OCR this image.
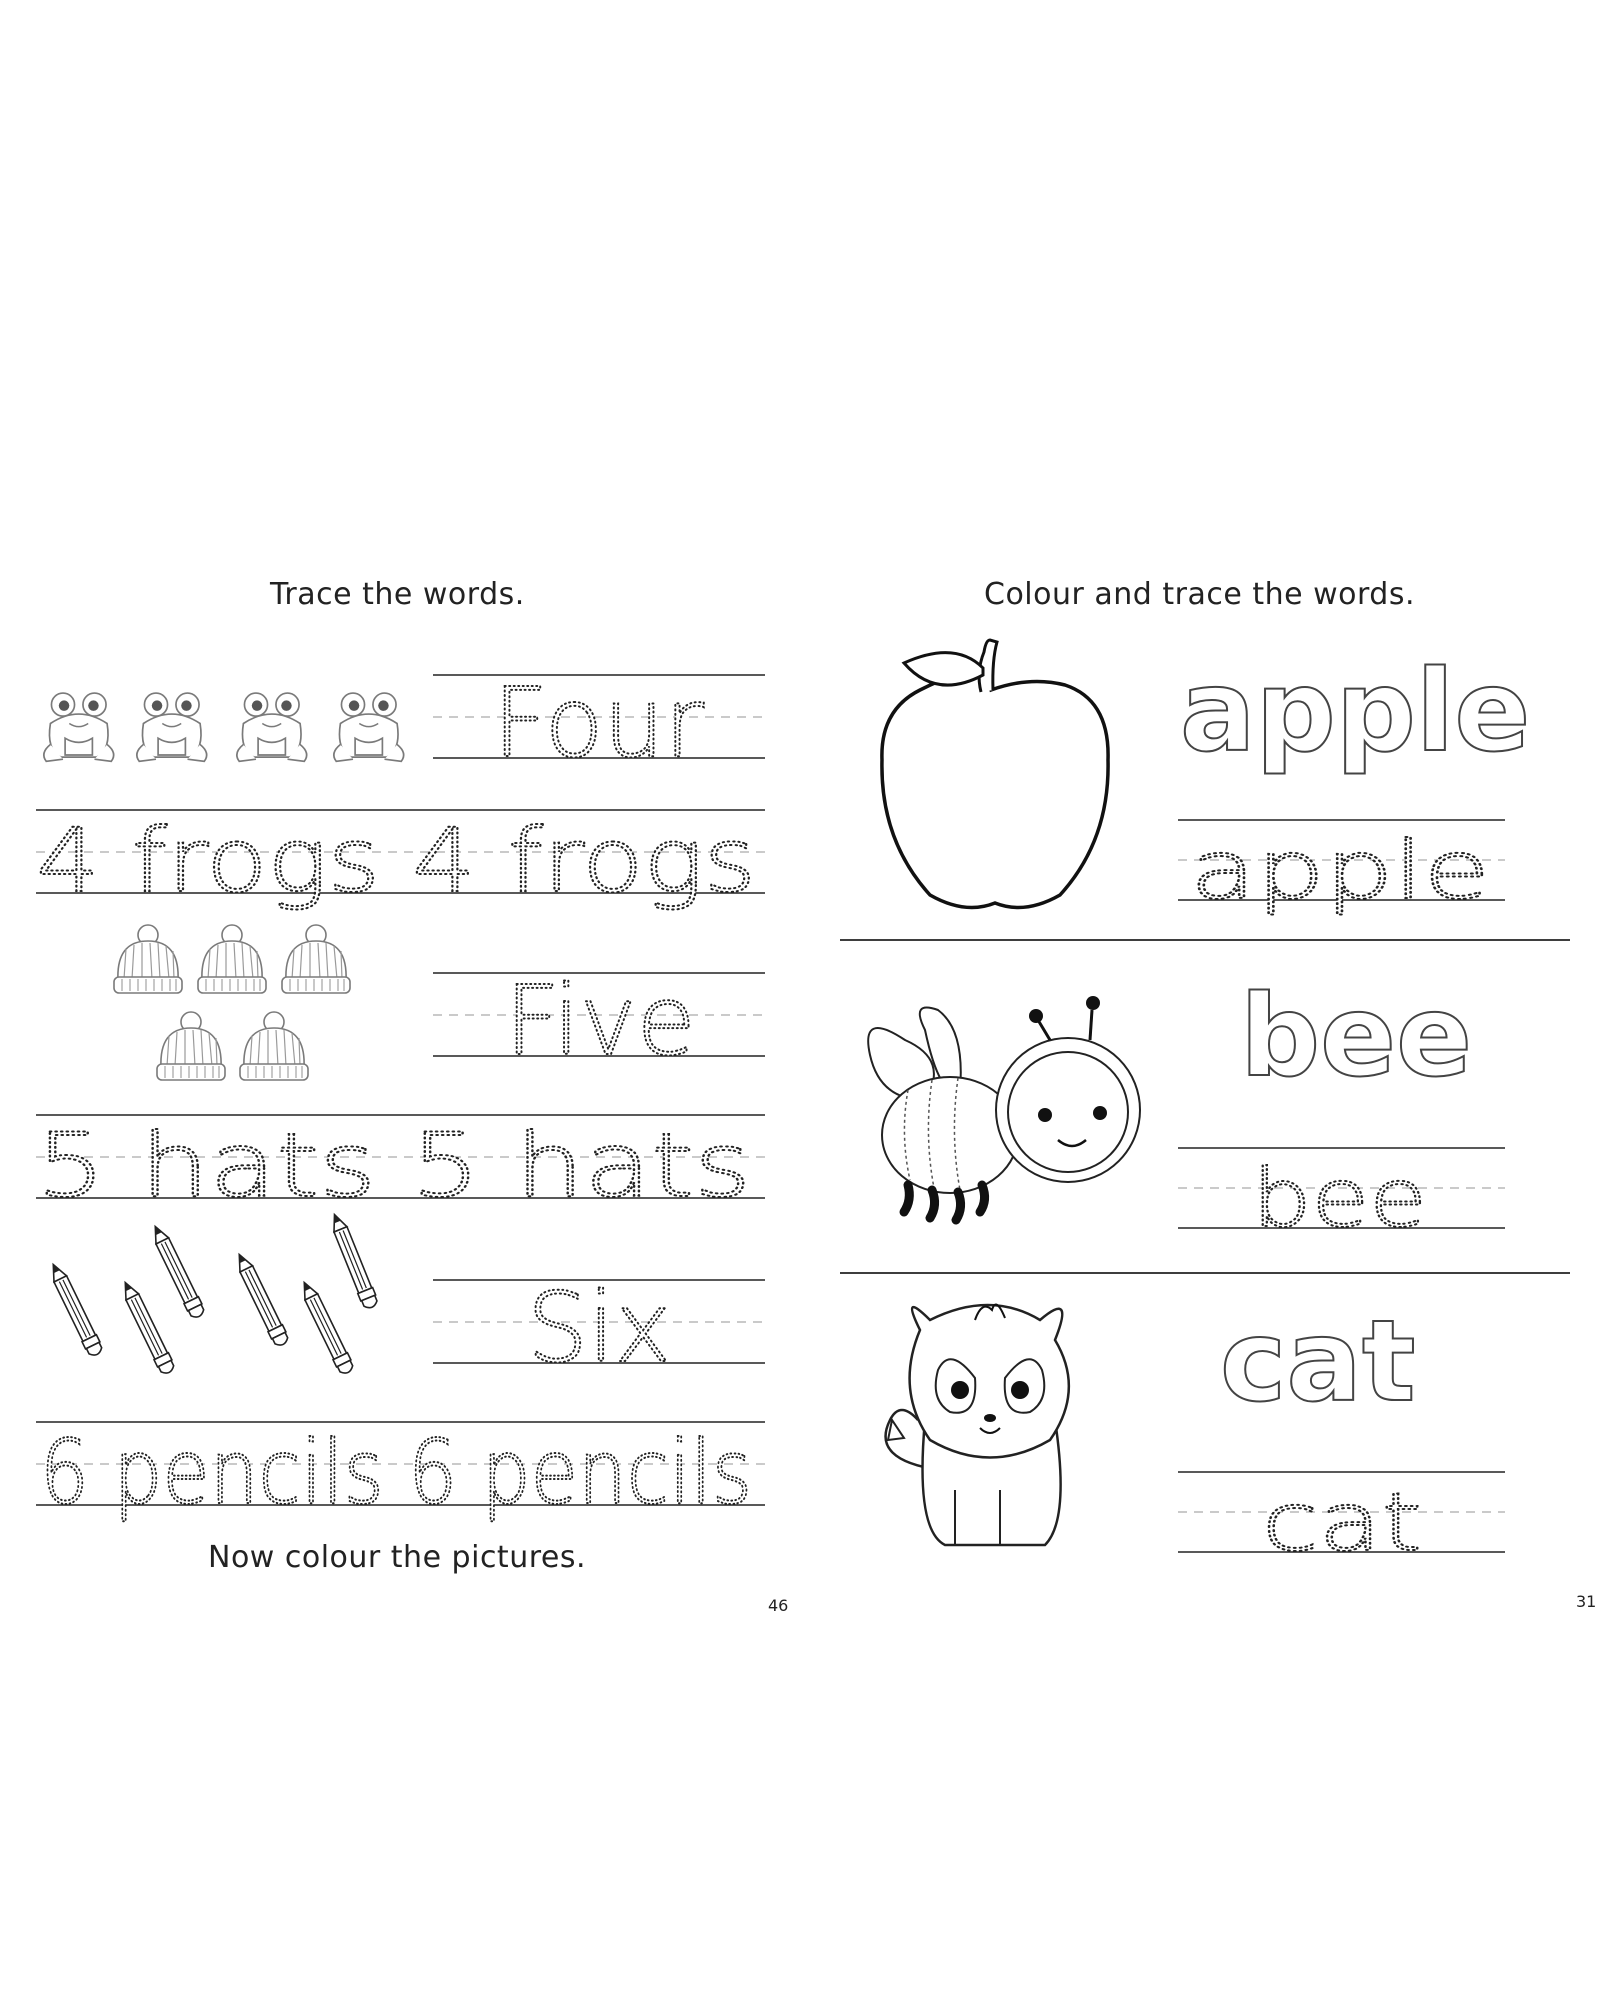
Trace the words.
Four
4 frogs 4 frogs
Five
5 hats 5 hats
Six
6 pencils 6 pencils
Now colour the pictures.
46
Colour and trace the words.
apple
apple
bee
bee
cat
cat
31
